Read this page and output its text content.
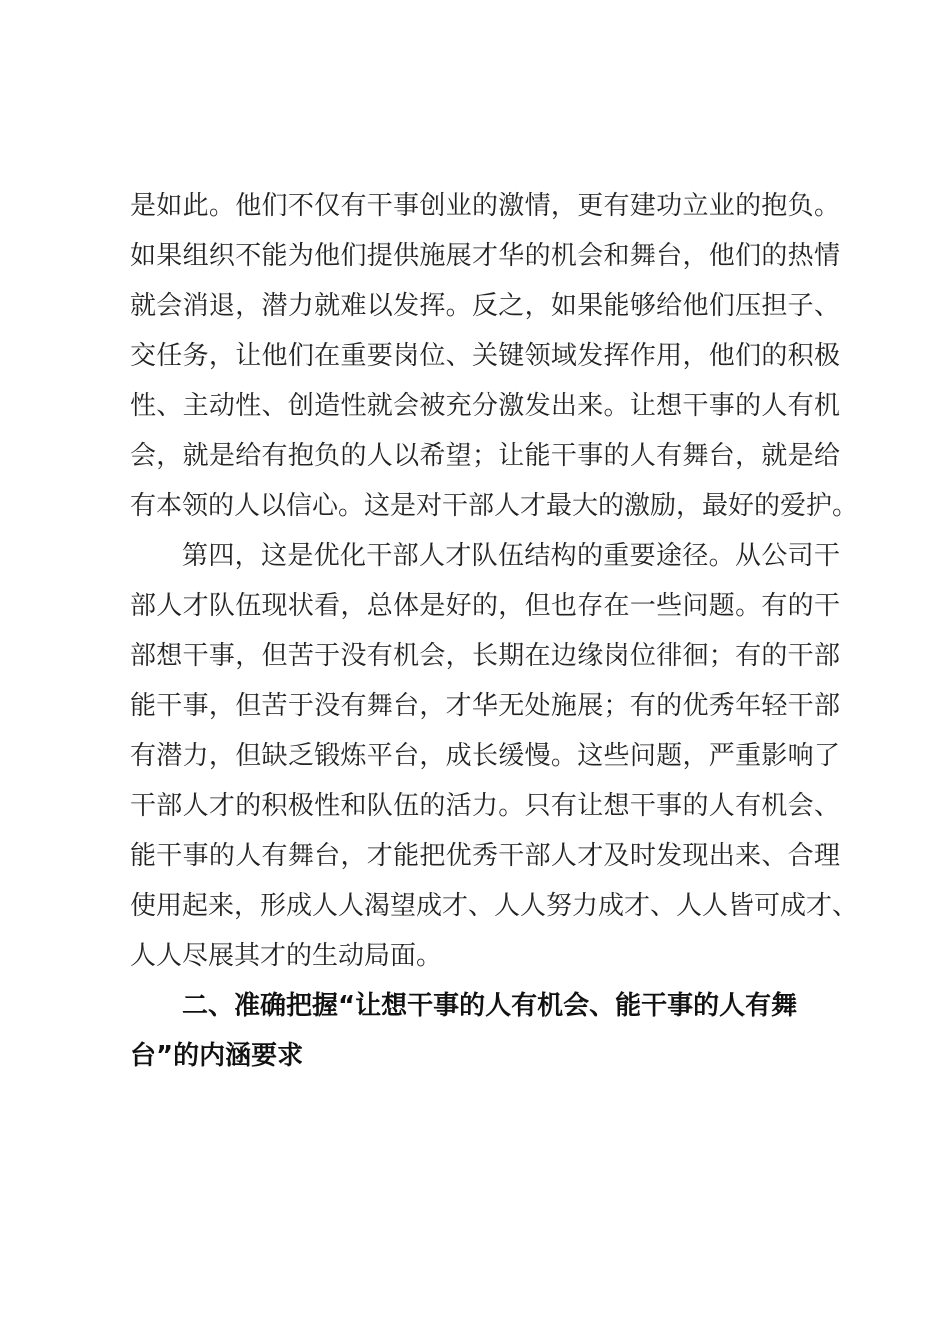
是如此。他们不仅有干事创业的激情，更有建功立业的抱负。
如果组织不能为他们提供施展才华的机会和舞台，他们的热情
就会消退，潜力就难以发挥。反之，如果能够给他们压担子、
交任务，让他们在重要岗位、关键领域发挥作用，他们的积极
性、主动性、创造性就会被充分激发出来。让想干事的人有机
会，就是给有抱负的人以希望；让能干事的人有舞台，就是给
有本领的人以信心。这是对干部人才最大的激励，最好的爱护。
第四，这是优化干部人才队伍结构的重要途径。从公司干
部人才队伍现状看，总体是好的，但也存在一些问题。有的干
部想干事，但苦于没有机会，长期在边缘岗位徘徊；有的干部
能干事，但苦于没有舞台，才华无处施展；有的优秀年轻干部
有潜力，但缺乏锻炼平台，成长缓慢。这些问题，严重影响了
干部人才的积极性和队伍的活力。只有让想干事的人有机会、
能干事的人有舞台，才能把优秀干部人才及时发现出来、合理
使用起来，形成人人渴望成才、人人努力成才、人人皆可成才、
人人尽展其才的生动局面。
二、准确把握“让想干事的人有机会、能干事的人有舞
台”的内涵要求
